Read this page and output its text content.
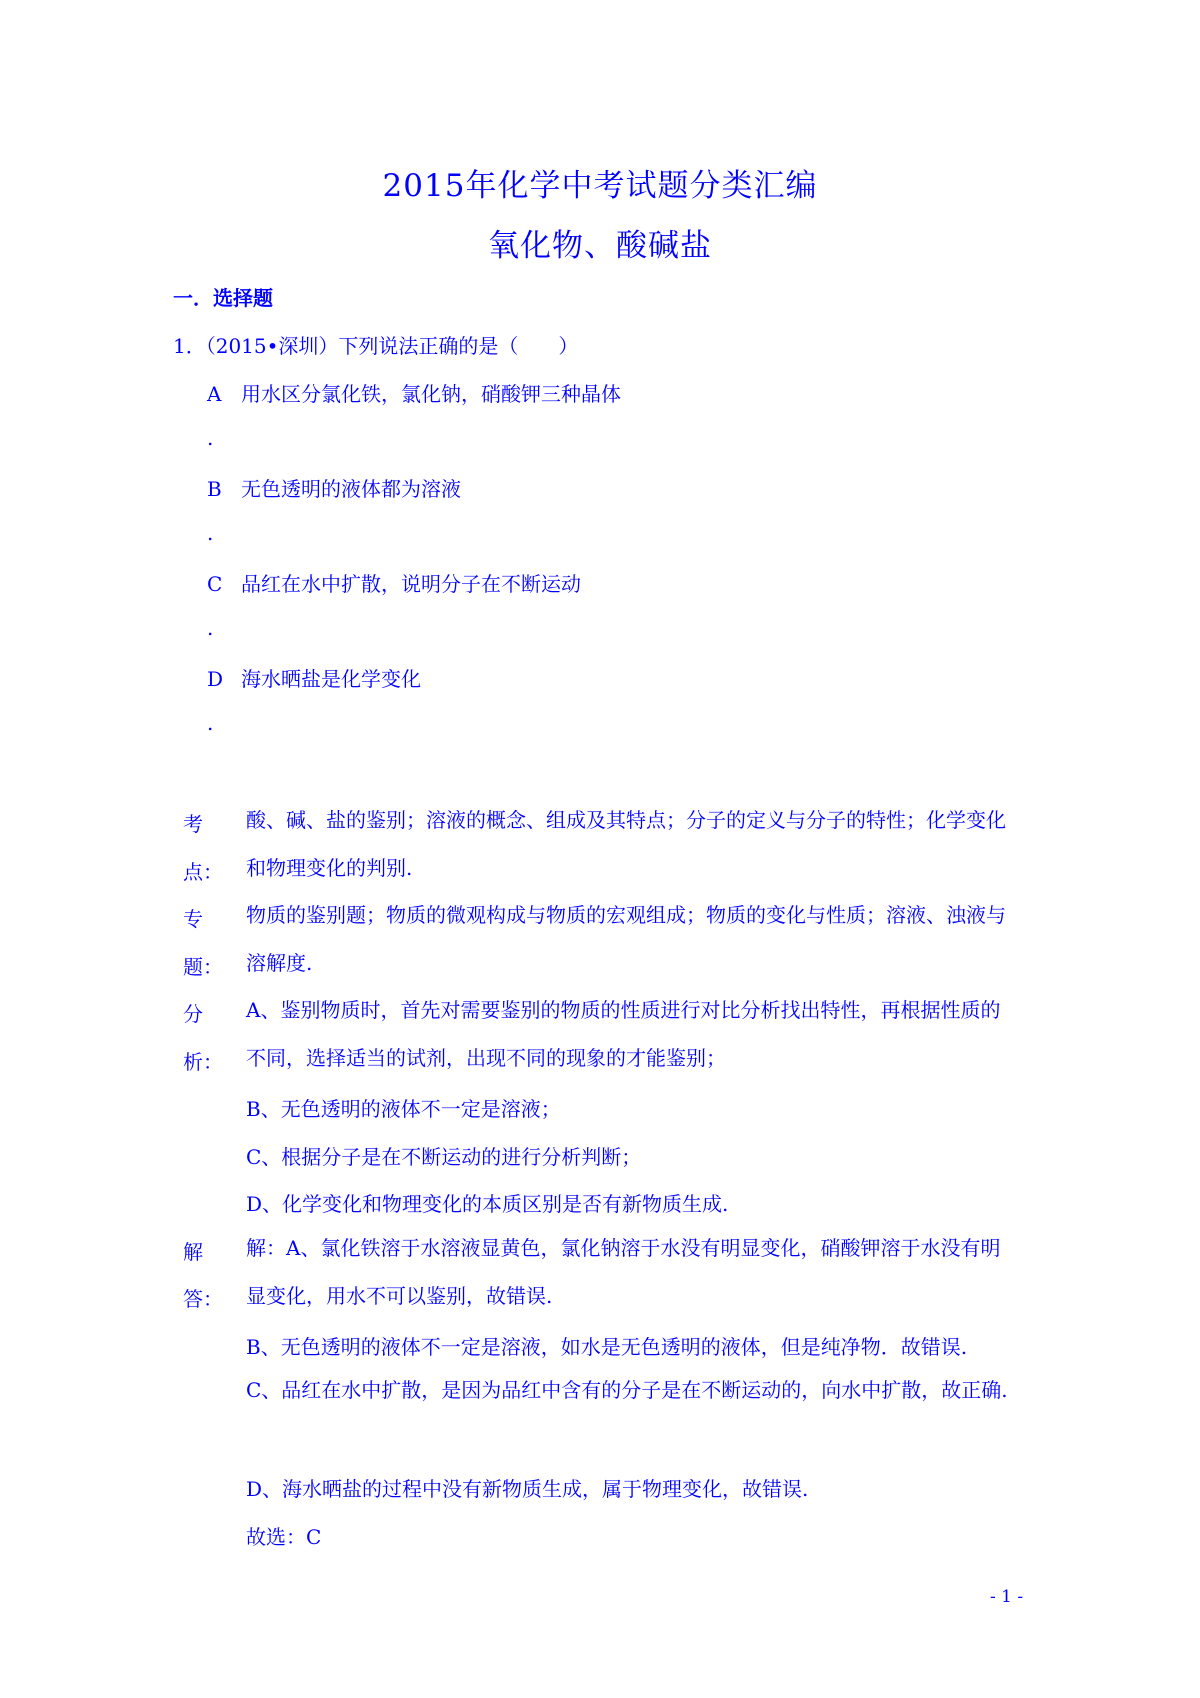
2015年化学中考试题分类汇编
氧化物、酸碱盐
一．选择题
1．（2015•深圳）下列说法正确的是（　　）
A 用水区分氯化铁，氯化钠，硝酸钾三种晶体
.
B 无色透明的液体都为溶液
.
C 品红在水中扩散，说明分子在不断运动
.
D 海水晒盐是化学变化
.
考
点：
酸、碱、盐的鉴别；溶液的概念、组成及其特点；分子的定义与分子的特性；化学变化和物理变化的判别.
专
题：
物质的鉴别题；物质的微观构成与物质的宏观组成；物质的变化与性质；溶液、浊液与溶解度.
分
析：
A、鉴别物质时，首先对需要鉴别的物质的性质进行对比分析找出特性，再根据性质的不同，选择适当的试剂，出现不同的现象的才能鉴别；
B、无色透明的液体不一定是溶液；
C、根据分子是在不断运动的进行分析判断；
D、化学变化和物理变化的本质区别是否有新物质生成.
解
答：
解：A、氯化铁溶于水溶液显黄色，氯化钠溶于水没有明显变化，硝酸钾溶于水没有明显变化，用水不可以鉴别，故错误.
B、无色透明的液体不一定是溶液，如水是无色透明的液体，但是纯净物．故错误.
C、品红在水中扩散，是因为品红中含有的分子是在不断运动的，向水中扩散，故正确.
D、海水晒盐的过程中没有新物质生成，属于物理变化，故错误.
故选：C
- 1 -
